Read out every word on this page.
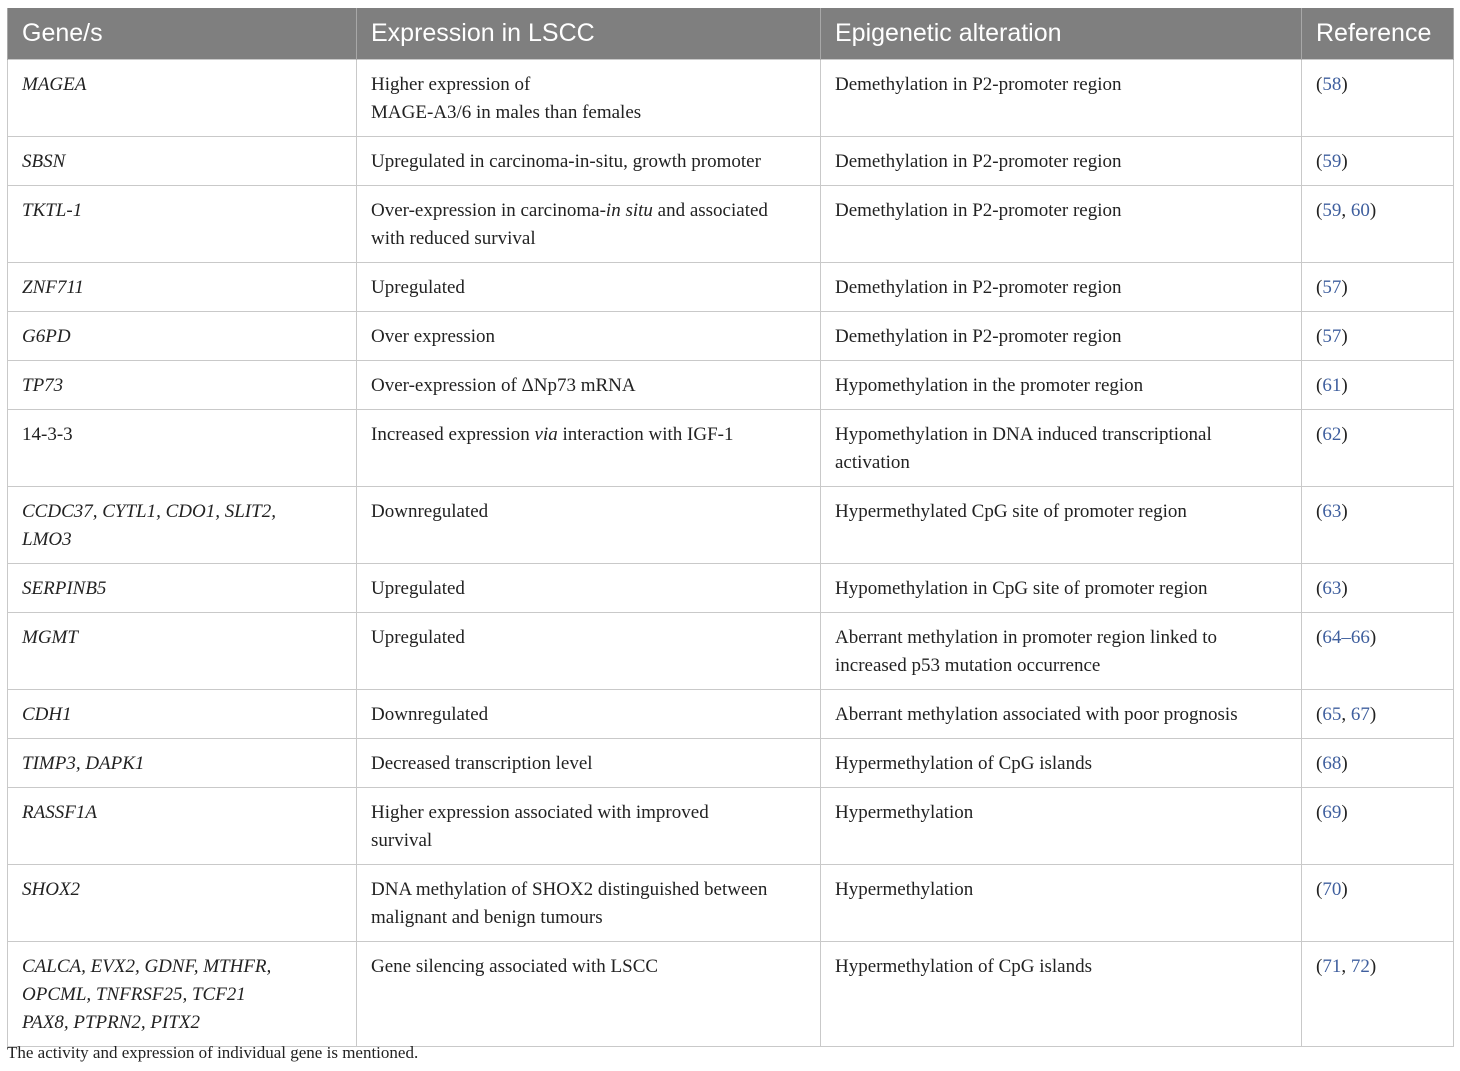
Gene/s	Expression in LSCC	Epigenetic alteration	Reference
MAGEA	Higher expression of
MAGE-A3/6 in males than females	Demethylation in P2-promoter region	(58)
SBSN	Upregulated in carcinoma-in-situ, growth promoter	Demethylation in P2-promoter region	(59)
TKTL-1	Over-expression in carcinoma-in situ and associated
with reduced survival	Demethylation in P2-promoter region	(59, 60)
ZNF711	Upregulated	Demethylation in P2-promoter region	(57)
G6PD	Over expression	Demethylation in P2-promoter region	(57)
TP73	Over-expression of ΔNp73 mRNA	Hypomethylation in the promoter region	(61)
14-3-3	Increased expression via interaction with IGF-1	Hypomethylation in DNA induced transcriptional
activation	(62)

CCDC37, CYTL1, CDO1, SLIT2,
LMO3	Downregulated	Hypermethylated CpG site of promoter region	(63)
SERPINB5	Upregulated	Hypomethylation in CpG site of promoter region	(63)
MGMT	Upregulated	Aberrant methylation in promoter region linked to
increased p53 mutation occurrence	(64–66)
CDH1	Downregulated	Aberrant methylation associated with poor prognosis	(65, 67)
TIMP3, DAPK1	Decreased transcription level	Hypermethylation of CpG islands	(68)
RASSF1A	Higher expression associated with improved
survival	Hypermethylation	(69)
SHOX2	DNA methylation of SHOX2 distinguished between
malignant and benign tumours	Hypermethylation	(70)

CALCA, EVX2, GDNF, MTHFR,
OPCML, TNFRSF25, TCF21
PAX8, PTPRN2, PITX2	Gene silencing associated with LSCC	Hypermethylation of CpG islands	(71, 72)
The activity and expression of individual gene is mentioned.
